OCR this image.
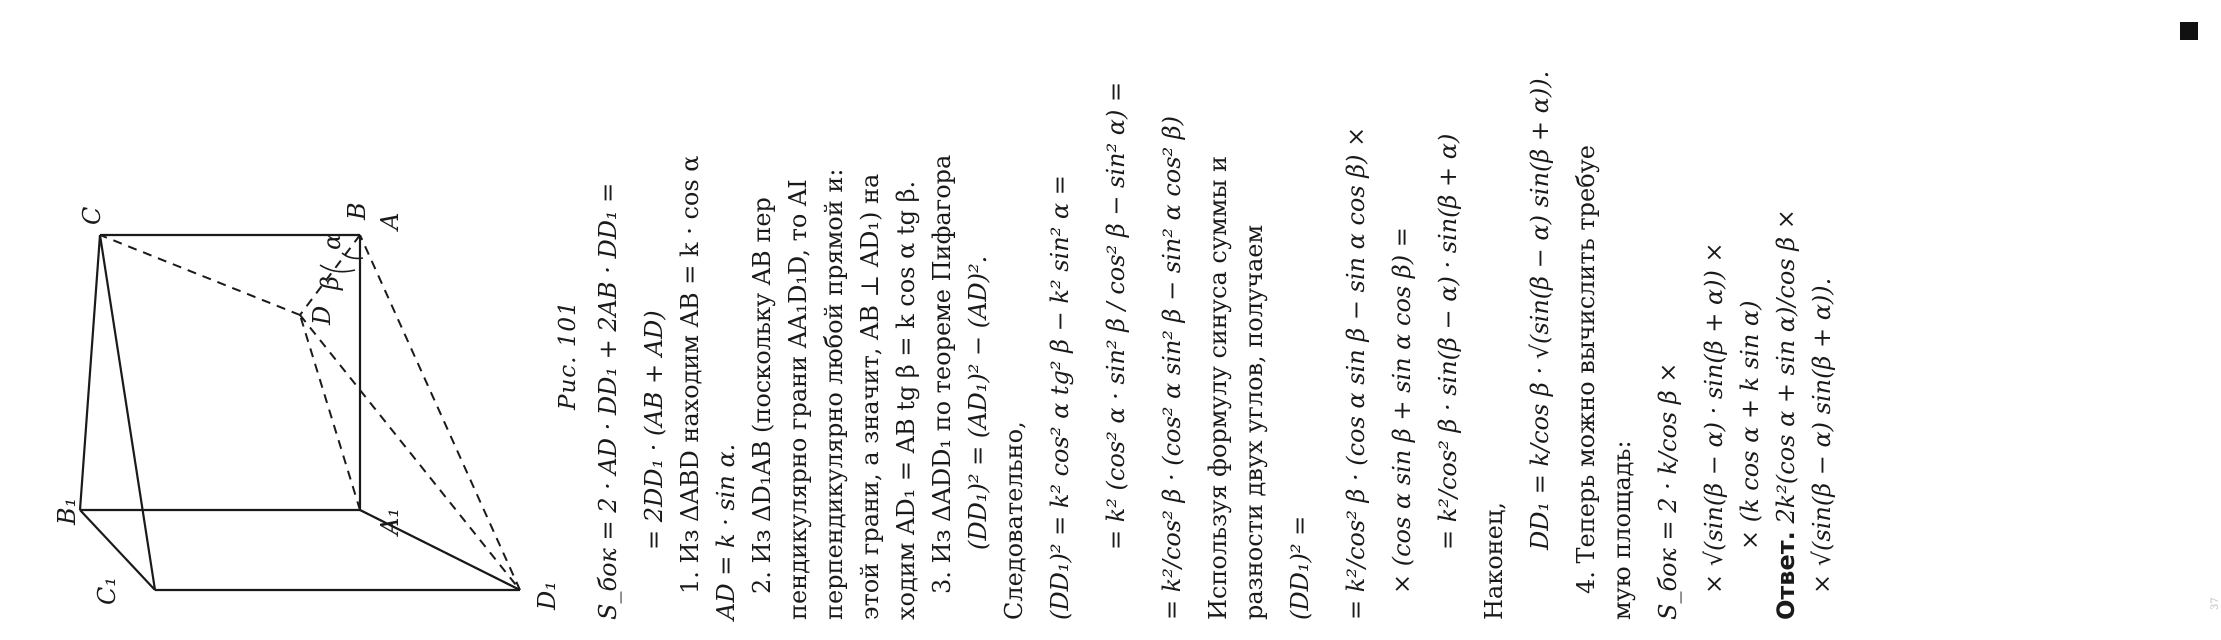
C₁
B₁
C	B
D₁
D
A₁
A
β
α
Рис. 101 S_бок = 2 · AD · DD₁ + 2AB · DD₁ = = 2DD₁ · (AB + AD) 1. Из ΔABD находим AB = k · cos α AD = k · sin α. 2. Из ΔD₁AB (поскольку AB пер пендикулярно грани AA₁D₁D, то AI перпендикулярно любой прямой и: этой грани, а значит, AB ⊥ AD₁) на ходим AD₁ = AB tg β = k cos α tg β. 3. Из ΔADD₁ по теореме Пифагора (DD₁)² = (AD₁)² − (AD)². Следовательно, (DD₁)² = k² cos² α tg² β − k² sin² α =	= k² (cos² α · sin² β / cos² β − sin² α) =	= k²/cos² β · (cos² α sin² β − sin² α cos² β) Используя формулу синуса суммы и разности двух углов, получаем (DD₁)² =	= k²/cos² β · (cos α sin β − sin α cos β) × × (cos α sin β + sin α cos β) = = k²/cos² β · sin(β − α) · sin(β + α)
Наконец,
DD₁ = k/cos β · √(sin(β − α) sin(β + α)). 4. Теперь можно вычислить требуе мую площадь: S_бок = 2 · k/cos β × × √(sin(β − α) · sin(β + α)) × × (k cos α + k sin α)
Ответ. 2k²(cos α + sin α)/cos β × × √(sin(β − α) sin(β + α)).
37
